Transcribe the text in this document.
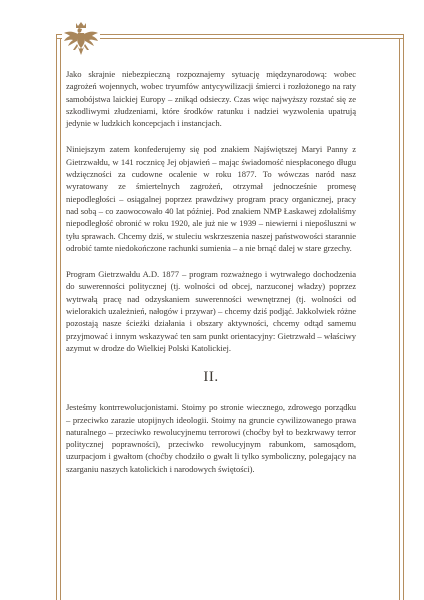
Jako skrajnie niebezpieczną rozpoznajemy sytuację międzynarodową: wobec zagrożeń wojennych, wobec tryumfów antycywilizacji śmierci i rozłożonego na raty samobójstwa laickiej Europy – znikąd odsieczy. Czas więc najwyższy rozstać się ze szkodliwymi złudzeniami, które środków ratunku i nadziei wyzwolenia upatrują jedynie w ludzkich koncepcjach i instancjach.

Niniejszym zatem konfederujemy się pod znakiem Najświętszej Maryi Panny z Gietrzwałdu, w 141 rocznicę Jej objawień – mając świadomość niespłaconego długu wdzięczności za cudowne ocalenie w roku 1877. To wówczas naród nasz wyratowany ze śmiertelnych zagrożeń, otrzymał jednocześnie promesę niepodległości – osiągalnej poprzez prawdziwy program pracy organicznej, pracy nad sobą – co zaowocowało 40 lat później. Pod znakiem NMP Łaskawej zdołaliśmy niepodległość obronić w roku 1920, ale już nie w 1939 – niewierni i niepośluszni w tyłu sprawach. Chcemy dziś, w stuleciu wskrzeszenia naszej państwowości starannie odrobić tamte niedokończone rachunki sumienia – a nie brnąć dalej w stare grzechy.

Program Gietrzwałdu A.D. 1877 – program rozważnego i wytrwałego dochodzenia do suwerenności politycznej (tj. wolności od obcej, narzuconej władzy) poprzez wytrwałą pracę nad odzyskaniem suwerenności wewnętrznej (tj. wolności od wielorakich uzależnień, nałogów i przywar) – chcemy dziś podjąć. Jakkolwiek różne pozostają nasze ścieżki działania i obszary aktywności, chcemy odtąd samemu przyjmować i innym wskazywać ten sam punkt orientacyjny: Gietrzwałd – właściwy azymut w drodze do Wielkiej Polski Katolickiej.

II.

Jesteśmy kontrrewolucjonistami. Stoimy po stronie wiecznego, zdrowego porządku – przeciwko zarazie utopijnych ideologii. Stoimy na gruncie cywilizowanego prawa naturalnego – przeciwko rewolucyjnemu terrorowi (choćby był to bezkrwawy terror politycznej poprawności), przeciwko rewolucyjnym rabunkom, samosądom, uzurpacjom i gwałtom (choćby chodziło o gwałt li tylko symboliczny, polegający na szarganiu naszych katolickich i narodowych świętości).
